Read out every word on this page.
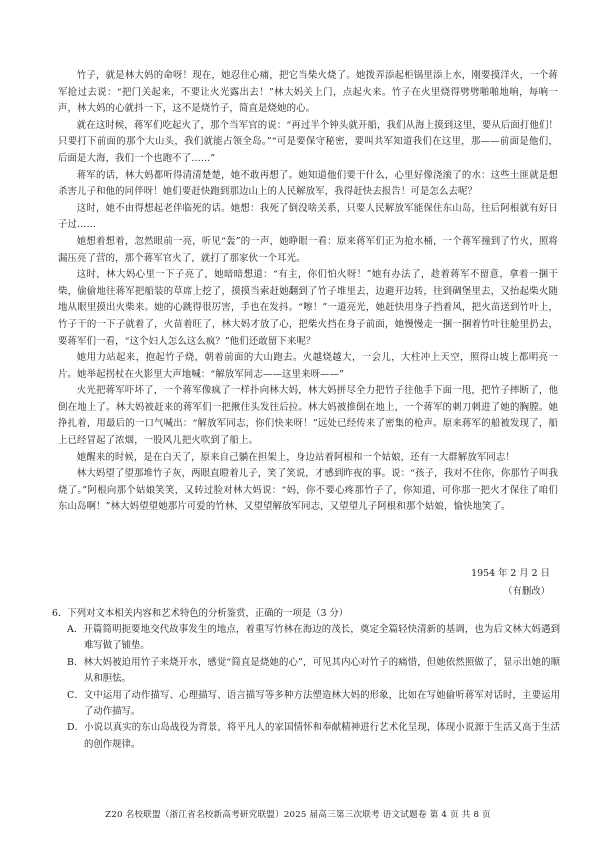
竹子，就是林大妈的命呀！现在，她忍住心痛，把它当柴火烧了。她拨弄添起柜锅里添上水，刚要摸洋火，一个蒋军抢过去说：“把门关起来，不要让火光露出去！”林大妈关上门，点起火来。竹子在火里烧得劈劈啪啪地响，每响一声，林大妈的心就抖一下，这不是烧竹子，简直是烧她的心。

就在这时候，蒋军们吃起火了，那个当军官的说：“再过半个钟头就开船，我们从海上摸到这里，要从后面打他们！只要打下前面的那个大山头，我们就能占领全岛。”“可是要保守秘密，要叫共军知道我们在这里，那——前面是他们，后面是大海，我们一个也跑不了……”

蒋军的话，林大妈都听得清清楚楚，她不敢再想了。她知道他们要干什么，心里好像浇滚了的水：这些土匪就是想杀害儿子和他的同伴呀！她们要赶快跑到那边山上的人民解放军，我得赶快去报告！可是怎么去呢？

这时，她不由得想起老伴临死的话。她想：我死了倒没啥关系，只要人民解放军能保住东山岛，往后阿根就有好日子过……

她想着想着，忽然眼前一亮，听见“轰”的一声，她睁眼一看：原来蒋军们正为抢水桶，一个蒋军撞到了竹火，照将漏压亮了营的，那个蒋军官火了，就打了那家伙一个耳光。

这时，林大妈心里一下子亮了，她暗暗想道：“有主，你们怕火呀！”她有办法了，趁着蒋军不留意，拿着一捆干柴，偷偷地往蒋军把船装的草席上挖了，摸摸当索赶她翻到了竹子堆里去，边避开边转，往到碉堡里去，又抬起柴火随地从眼里摸出火柴来。她的心跳得很厉害，手也在发抖。“嚓！”一道亮光，她赶快用身子挡着风，把火苗送到竹叶上，竹子干的一下子就着了，火苗着旺了，林大妈才放了心，把柴火挡在身子前面，她慢慢走一捆一捆着竹叶往舱里扔去，要蒋军们一看，“这个妇人怎么这么疯？”他们还敢留下来呢？

她用力站起来，抱起竹子烧，朝着前面的大山跑去。火越烧越大，一会儿，大柱冲上天空，照得山坡上都明亮一片。她举起拐杖在火影里大声地喊：“解放军同志——这里来呀——”

火光把蒋军吓坏了，一个蒋军像疯了一样扑向林大妈，林大妈拼尽全力把竹子往他手下面一甩，把竹子摔断了，他倒在地上了。林大妈被赶来的蒋军们一把揪住头发往后拉。林大妈被推倒在地上，一个蒋军的刺刀刺进了她的胸膛。她挣扎着，用最后的一口气喊出：“解放军同志，你们快来呀！”远处已经传来了密集的枪声。原来蒋军的船被发现了，船上已经冒起了浓烟，一股风儿把火吹到了船上。

她醒来的时候，是在白天了，原来自己躺在担架上，身边站着阿根和一个姑娘，还有一大群解放军同志！

林大妈望了望那堆竹子灰，两眼直瞪着儿子，笑了笑说，才感到昨夜的事。说：“孩子，我对不住你，你那竹子叫我烧了。”阿根向那个姑娘笑笑，又转过脸对林大妈说：“妈，你不要心疼那竹子了，你知道，可你那一把火才保住了咱们东山岛啊！”林大妈望望她那片可爱的竹林，又望望解放军同志，又望望儿子阿根和那个姑娘，愉快地笑了。

1954 年 2 月 2 日
（有删改）

6．下列对文本相关内容和艺术特色的分析鉴赏，正确的一项是（3 分）

A．开篇简明扼要地交代故事发生的地点，着重写竹林在海边的茂长，奠定全篇轻快清新的基调，也为后文林大妈遇到难写做了铺垫。

B．林大妈被迫用竹子来烧开水，感觉“简直是烧她的心”，可见其内心对竹子的痛惜，但她依然照做了，显示出她的顺从和胆怯。

C．文中运用了动作描写、心理描写、语言描写等多种方法塑造林大妈的形象，比如在写她偷听蒋军对话时，主要运用了动作描写。

D．小说以真实的东山岛战役为背景，将平凡人的家国情怀和奉献精神进行艺术化呈现，体现小说源于生活又高于生活的创作规律。

Z20 名校联盟（浙江省名校新高考研究联盟）2025 届高三第三次联考 语文试题卷 第 4 页 共 8 页
